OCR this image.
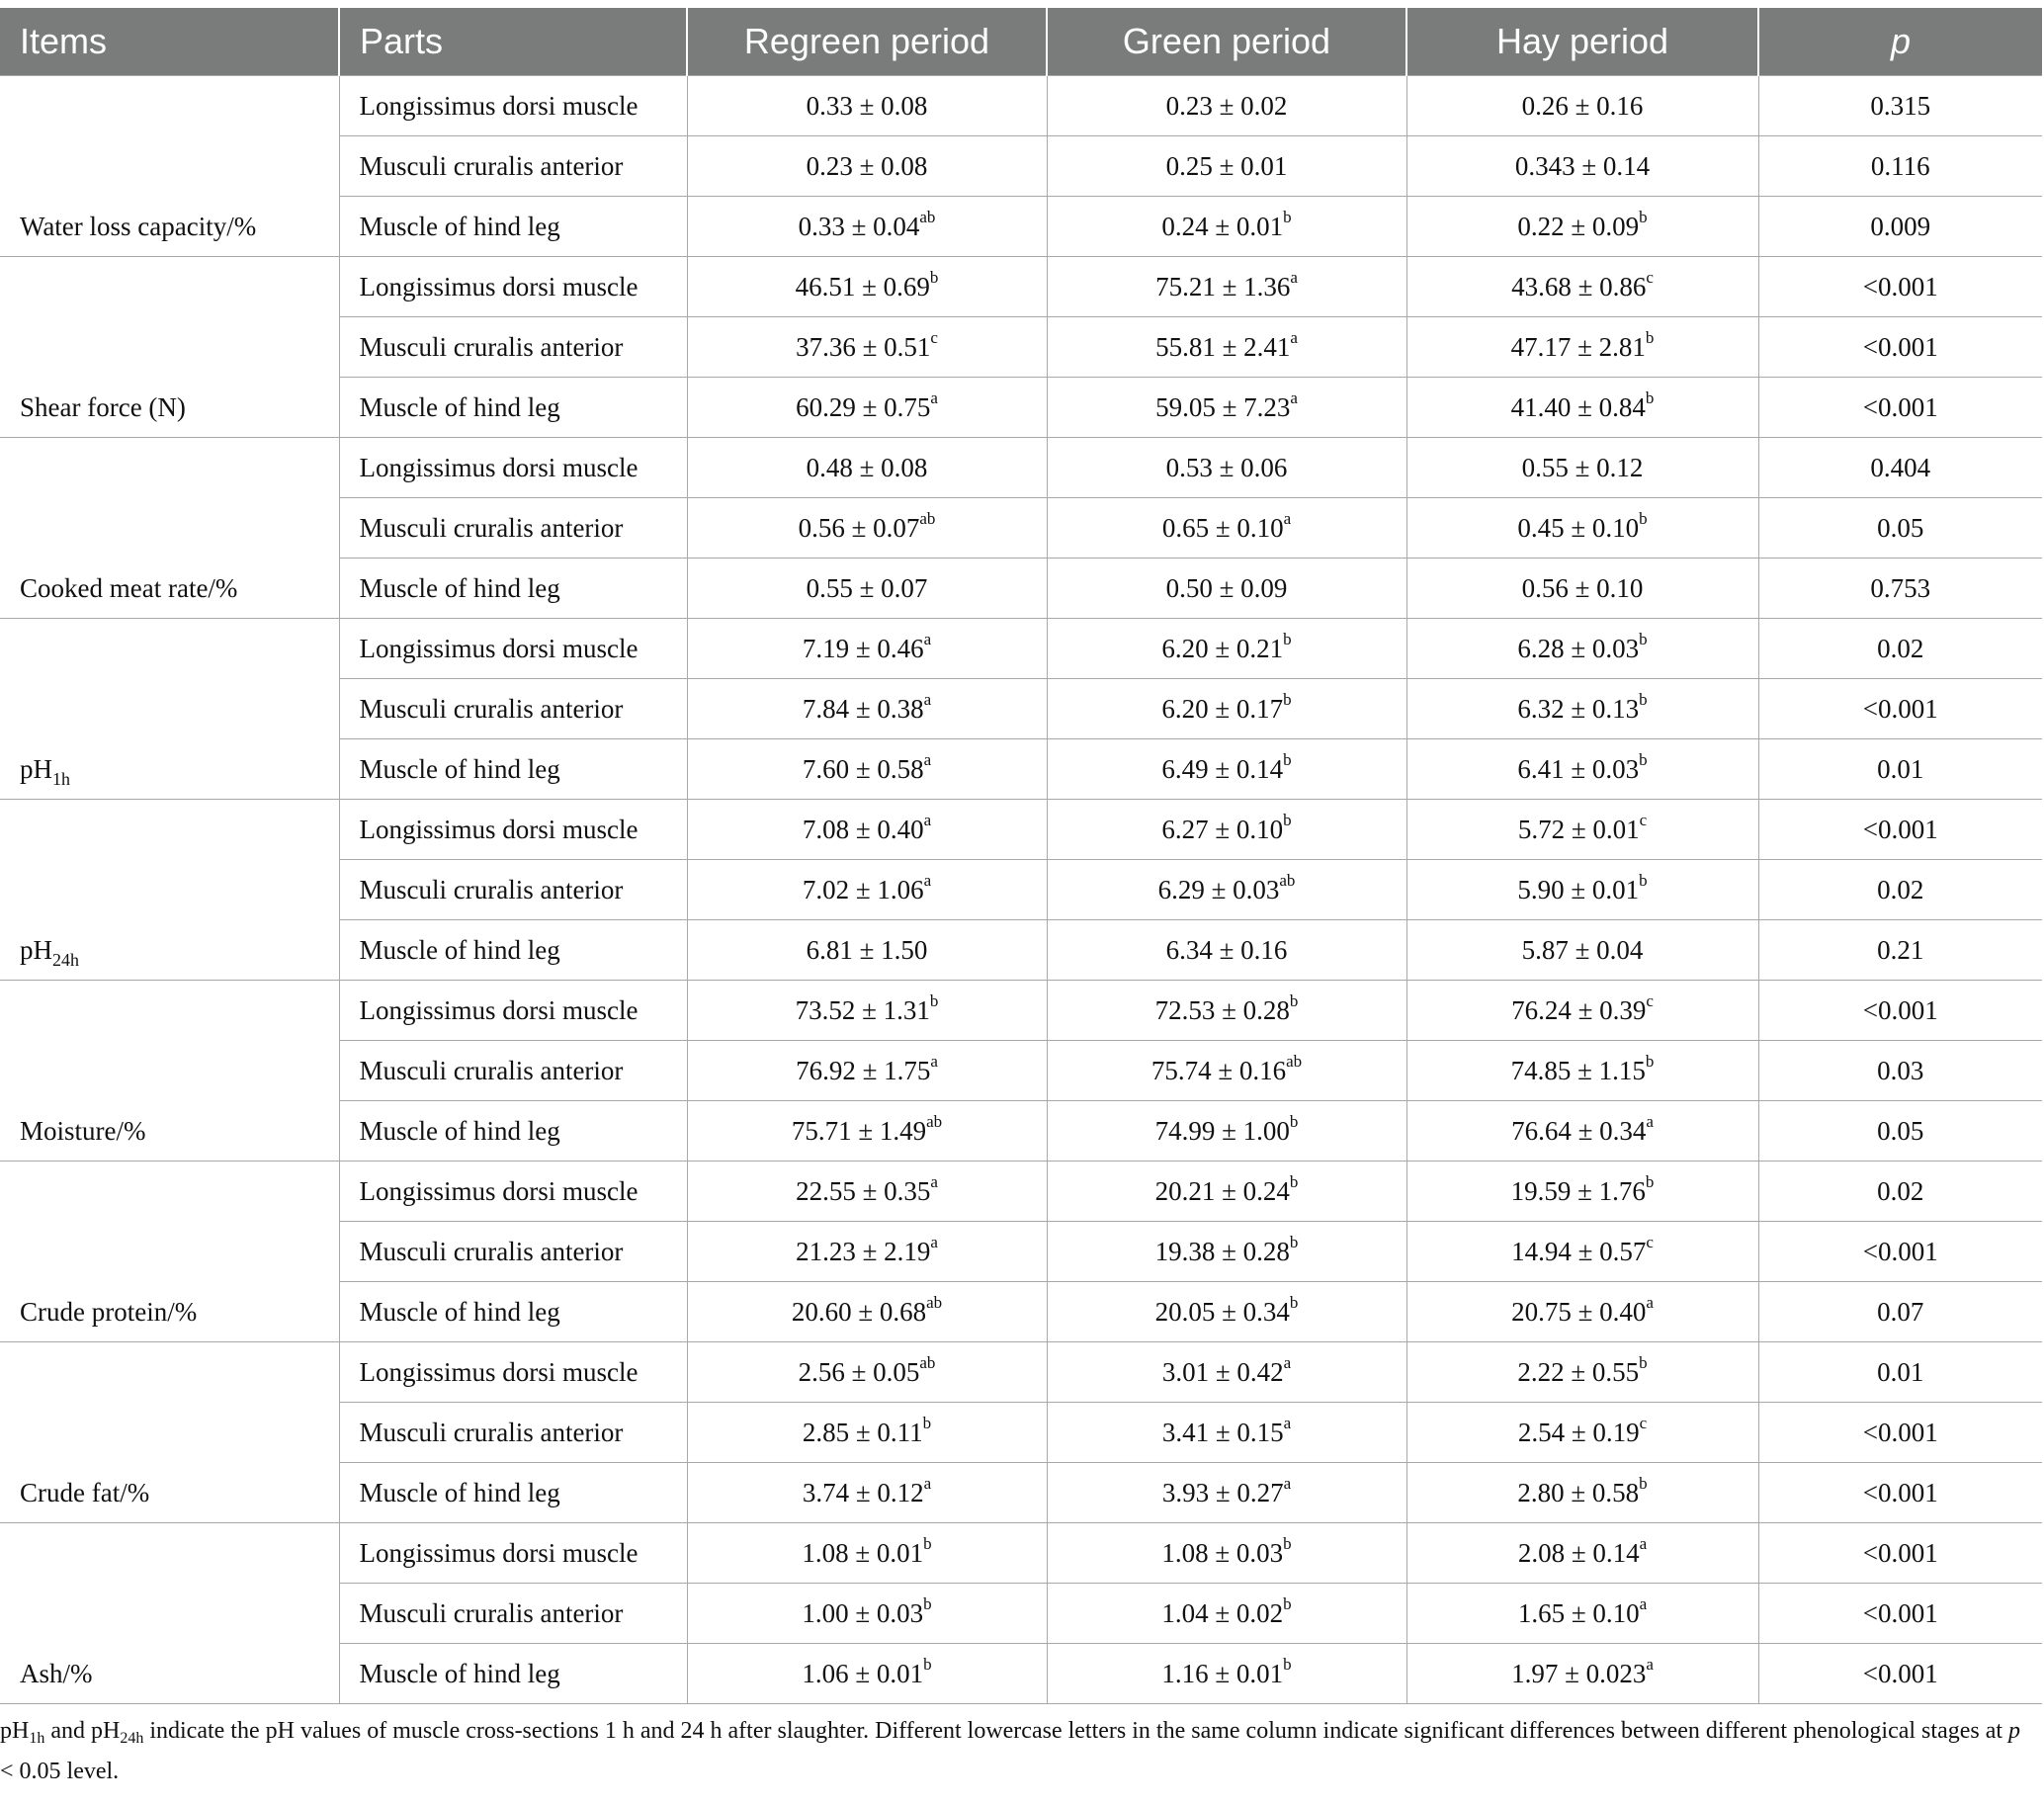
Items	Parts	Regreen period	Green period	Hay period	p
Water loss capacity/%	Longissimus dorsi muscle	0.33 ± 0.08	0.23 ± 0.02	0.26 ± 0.16	0.315
	Musculi cruralis anterior	0.23 ± 0.08	0.25 ± 0.01	0.343 ± 0.14	0.116
	Muscle of hind leg	0.33 ± 0.04$^{ab}$	0.24 ± 0.01$^b$	0.22 ± 0.09$^b$	0.009
Shear force (N)	Longissimus dorsi muscle	46.51 ± 0.69$^b$	75.21 ± 1.36$^a$	43.68 ± 0.86$^c$	<0.001
	Musculi cruralis anterior	37.36 ± 0.51$^c$	55.81 ± 2.41$^a$	47.17 ± 2.81$^b$	<0.001
	Muscle of hind leg	60.29 ± 0.75$^a$	59.05 ± 7.23$^a$	41.40 ± 0.84$^b$	<0.001
Cooked meat rate/%	Longissimus dorsi muscle	0.48 ± 0.08	0.53 ± 0.06	0.55 ± 0.12	0.404
	Musculi cruralis anterior	0.56 ± 0.07$^{ab}$	0.65 ± 0.10$^a$	0.45 ± 0.10$^b$	0.05
	Muscle of hind leg	0.55 ± 0.07	0.50 ± 0.09	0.56 ± 0.10	0.753
$pH_{1h}$	Longissimus dorsi muscle	7.19 ± 0.46$^a$	6.20 ± 0.21$^b$	6.28 ± 0.03$^b$	0.02
	Musculi cruralis anterior	7.84 ± 0.38$^a$	6.20 ± 0.17$^b$	6.32 ± 0.13$^b$	<0.001
	Muscle of hind leg	7.60 ± 0.58$^a$	6.49 ± 0.14$^b$	6.41 ± 0.03$^b$	0.01
$pH_{24h}$	Longissimus dorsi muscle	7.08 ± 0.40$^a$	6.27 ± 0.10$^b$	5.72 ± 0.01$^c$	<0.001
	Musculi cruralis anterior	7.02 ± 1.06$^a$	6.29 ± 0.03$^{ab}$	5.90 ± 0.01$^b$	0.02
	Muscle of hind leg	6.81 ± 1.50	6.34 ± 0.16	5.87 ± 0.04	0.21
Moisture/%	Longissimus dorsi muscle	73.52 ± 1.31$^b$	72.53 ± 0.28$^b$	76.24 ± 0.39$^c$	<0.001
	Musculi cruralis anterior	76.92 ± 1.75$^a$	75.74 ± 0.16$^{ab}$	74.85 ± 1.15$^b$	0.03
	Muscle of hind leg	75.71 ± 1.49$^{ab}$	74.99 ± 1.00$^b$	76.64 ± 0.34$^a$	0.05
Crude protein/%	Longissimus dorsi muscle	22.55 ± 0.35$^a$	20.21 ± 0.24$^b$	19.59 ± 1.76$^b$	0.02
	Musculi cruralis anterior	21.23 ± 2.19$^a$	19.38 ± 0.28$^b$	14.94 ± 0.57$^c$	<0.001
	Muscle of hind leg	20.60 ± 0.68$^{ab}$	20.05 ± 0.34$^b$	20.75 ± 0.40$^a$	0.07
Crude fat/%	Longissimus dorsi muscle	2.56 ± 0.05$^{ab}$	3.01 ± 0.42$^a$	2.22 ± 0.55$^b$	0.01
	Musculi cruralis anterior	2.85 ± 0.11$^b$	3.41 ± 0.15$^a$	2.54 ± 0.19$^c$	<0.001
	Muscle of hind leg	3.74 ± 0.12$^a$	3.93 ± 0.27$^a$	2.80 ± 0.58$^b$	<0.001
Ash/%	Longissimus dorsi muscle	1.08 ± 0.01$^b$	1.08 ± 0.03$^b$	2.08 ± 0.14$^a$	<0.001
	Musculi cruralis anterior	1.00 ± 0.03$^b$	1.04 ± 0.02$^b$	1.65 ± 0.10$^a$	<0.001
	Muscle of hind leg	1.06 ± 0.01$^b$	1.16 ± 0.01$^b$	1.97 ± 0.023$^a$	<0.001
$pH_{1h}$ and $pH_{24h}$ indicate the pH values of muscle cross-sections 1 h and 24 h after slaughter. Different lowercase letters in the same column indicate significant differences between different phenological stages at p < 0.05 level.
